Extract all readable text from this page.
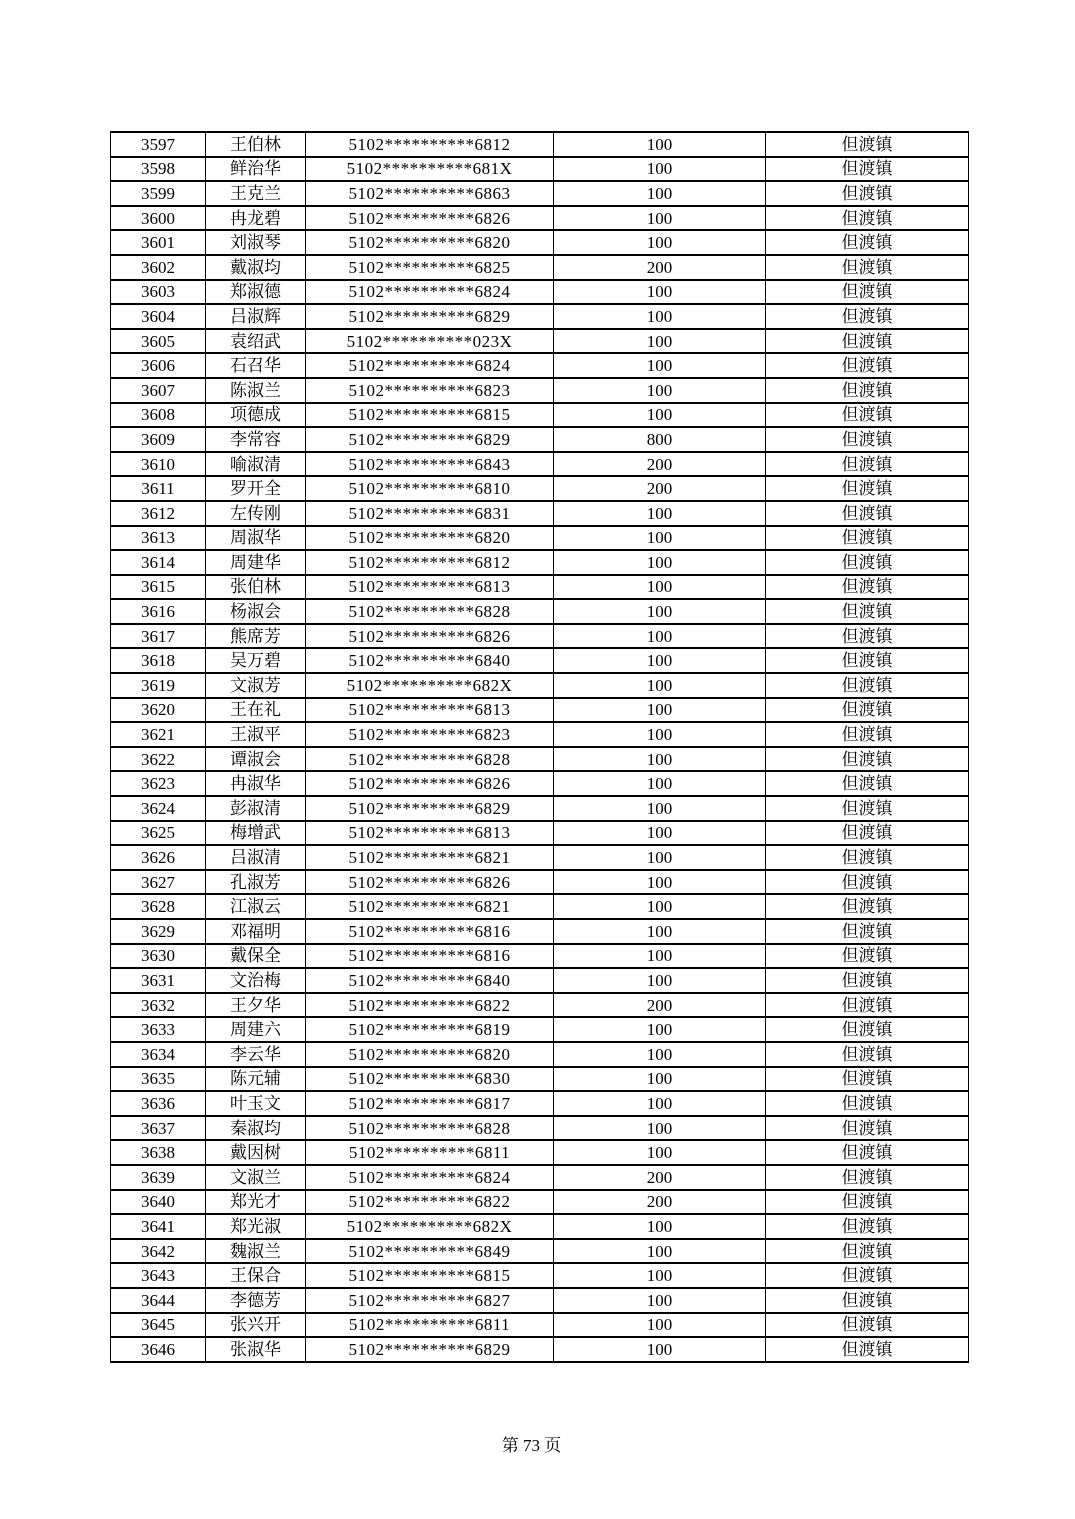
3597	王伯林	5102**********6812	100	但渡镇
3598	鲜治华	5102**********681X	100	但渡镇
3599	王克兰	5102**********6863	100	但渡镇
3600	冉龙碧	5102**********6826	100	但渡镇
3601	刘淑琴	5102**********6820	100	但渡镇
3602	戴淑均	5102**********6825	200	但渡镇
3603	郑淑德	5102**********6824	100	但渡镇
3604	吕淑辉	5102**********6829	100	但渡镇
3605	袁绍武	5102**********023X	100	但渡镇
3606	石召华	5102**********6824	100	但渡镇
3607	陈淑兰	5102**********6823	100	但渡镇
3608	项德成	5102**********6815	100	但渡镇
3609	李常容	5102**********6829	800	但渡镇
3610	喻淑清	5102**********6843	200	但渡镇
3611	罗开全	5102**********6810	200	但渡镇
3612	左传刚	5102**********6831	100	但渡镇
3613	周淑华	5102**********6820	100	但渡镇
3614	周建华	5102**********6812	100	但渡镇
3615	张伯林	5102**********6813	100	但渡镇
3616	杨淑会	5102**********6828	100	但渡镇
3617	熊席芳	5102**********6826	100	但渡镇
3618	吴万碧	5102**********6840	100	但渡镇
3619	文淑芳	5102**********682X	100	但渡镇
3620	王在礼	5102**********6813	100	但渡镇
3621	王淑平	5102**********6823	100	但渡镇
3622	谭淑会	5102**********6828	100	但渡镇
3623	冉淑华	5102**********6826	100	但渡镇
3624	彭淑清	5102**********6829	100	但渡镇
3625	梅增武	5102**********6813	100	但渡镇
3626	吕淑清	5102**********6821	100	但渡镇
3627	孔淑芳	5102**********6826	100	但渡镇
3628	江淑云	5102**********6821	100	但渡镇
3629	邓福明	5102**********6816	100	但渡镇
3630	戴保全	5102**********6816	100	但渡镇
3631	文治梅	5102**********6840	100	但渡镇
3632	王夕华	5102**********6822	200	但渡镇
3633	周建六	5102**********6819	100	但渡镇
3634	李云华	5102**********6820	100	但渡镇
3635	陈元辅	5102**********6830	100	但渡镇
3636	叶玉文	5102**********6817	100	但渡镇
3637	秦淑均	5102**********6828	100	但渡镇
3638	戴因树	5102**********6811	100	但渡镇
3639	文淑兰	5102**********6824	200	但渡镇
3640	郑光才	5102**********6822	200	但渡镇
3641	郑光淑	5102**********682X	100	但渡镇
3642	魏淑兰	5102**********6849	100	但渡镇
3643	王保合	5102**********6815	100	但渡镇
3644	李德芳	5102**********6827	100	但渡镇
3645	张兴开	5102**********6811	100	但渡镇
3646	张淑华	5102**********6829	100	但渡镇
第 73 页
